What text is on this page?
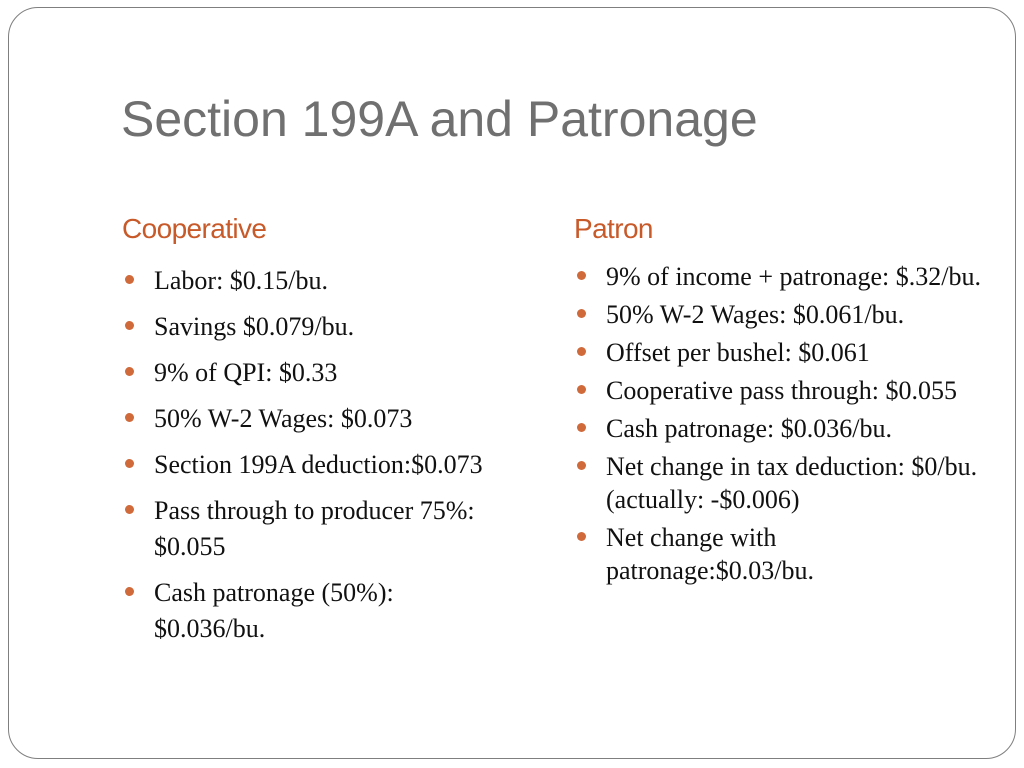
Section 199A and Patronage
Cooperative
Labor: $0.15/bu.
Savings $0.079/bu.
9% of QPI: $0.33
50% W-2 Wages: $0.073
Section 199A deduction:$0.073
Pass through to producer 75%: $0.055
Cash patronage (50%): $0.036/bu.
Patron
9% of income + patronage: $.32/bu.
50% W-2 Wages: $0.061/bu.
Offset per bushel: $0.061
Cooperative pass through: $0.055
Cash patronage: $0.036/bu.
Net change in tax deduction: $0/bu. (actually: -$0.006)
Net change with patronage:$0.03/bu.
